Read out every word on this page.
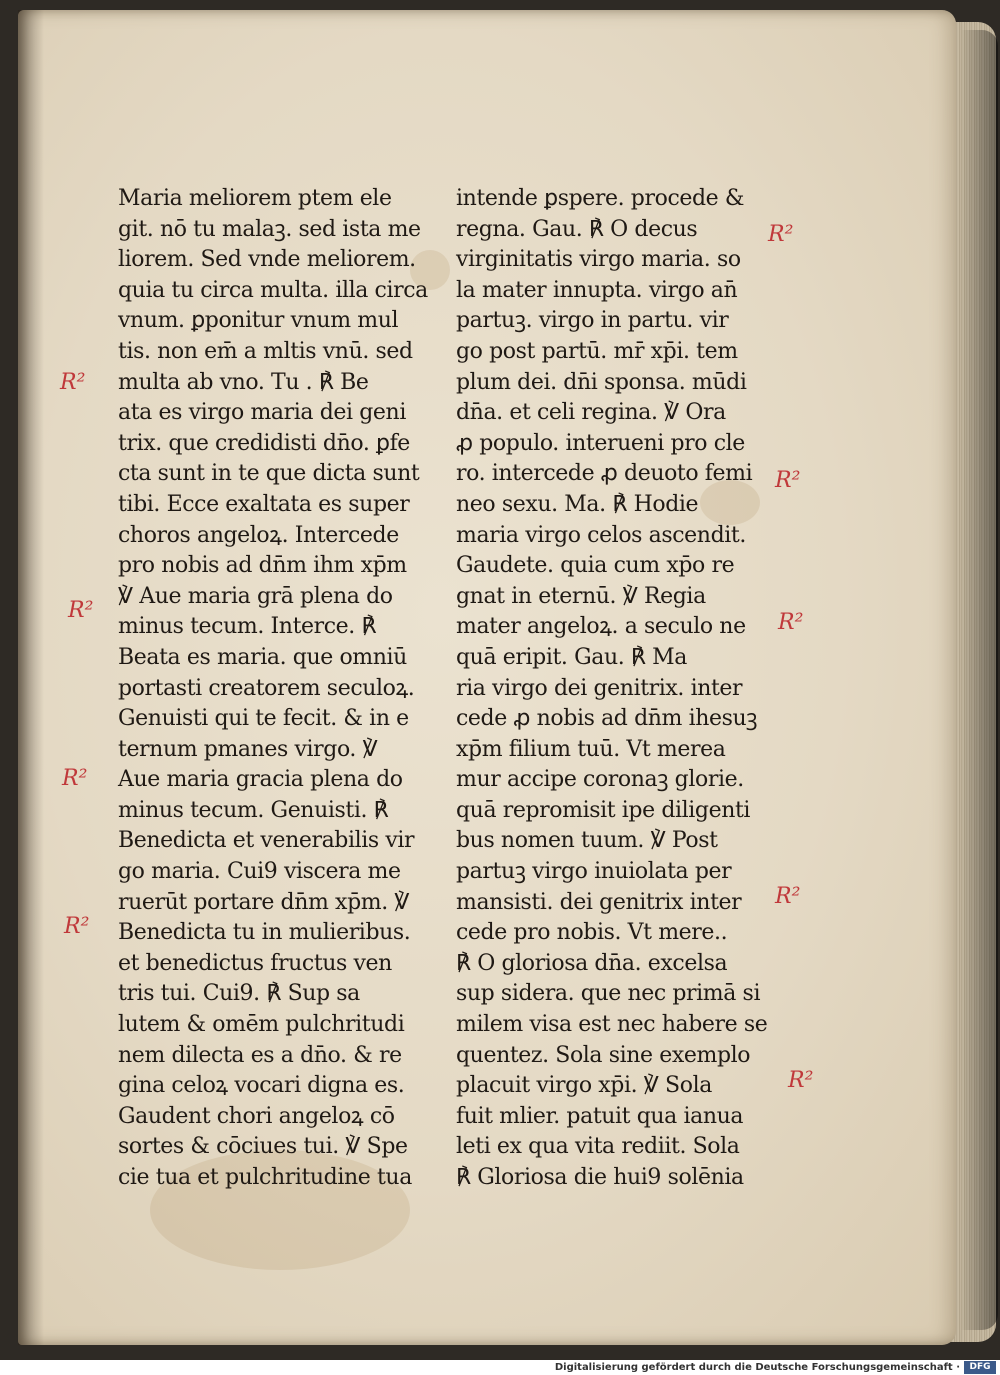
Maria meliorem ptem ele
git. nō tu malaꝫ. sed ista me
liorem. Sed vnde meliorem.
quia tu circa multa. illa circa
vnum. ꝑponitur vnum mul
tis. non em̄ a mltis vnū. sed
multa ab vno. Tu . ℟ Be
ata es virgo maria dei geni
trix. que credidisti dn̄o. ꝑfe
cta sunt in te que dicta sunt
tibi. Ecce exaltata es super
choros angeloꝝ. Intercede
pro nobis ad dn̄m ihm xp̄m
℣ Aue maria grā plena do
minus tecum. Interce. ℟
Beata es maria. que omniū
portasti creatorem seculoꝝ.
Genuisti qui te fecit. & in e
ternum pmanes virgo. ℣
Aue maria gracia plena do
minus tecum. Genuisti. ℟
Benedicta et venerabilis vir
go maria. Cui9 viscera me
ruerūt portare dn̄m xp̄m. ℣
Benedicta tu in mulieribus.
et benedictus fructus ven
tris tui. Cui9. ℟ Sup sa
lutem & omēm pulchritudi
nem dilecta es a dn̄o. & re
gina celoꝝ vocari digna es.
Gaudent chori angeloꝝ cō
sortes & cōciues tui. ℣ Spe
cie tua et pulchritudine tua
intende ꝑspere. procede &
regna. Gau. ℟ O decus
virginitatis virgo maria. so
la mater innupta. virgo an̄
partuꝫ. virgo in partu. vir
go post partū. mr̄ xp̄i. tem
plum dei. dn̄i sponsa. mūdi
dn̄a. et celi regina. ℣ Ora
ꝓ populo. interueni pro cle
ro. intercede ꝓ deuoto femi
neo sexu. Ma. ℟ Hodie
maria virgo celos ascendit.
Gaudete. quia cum xp̄o re
gnat in eternū. ℣ Regia
mater angeloꝝ. a seculo ne
quā eripit. Gau. ℟ Ma
ria virgo dei genitrix. inter
cede ꝓ nobis ad dn̄m ihesuꝫ
xp̄m filium tuū. Vt merea
mur accipe coronaꝫ glorie.
quā repromisit ipe diligenti
bus nomen tuum. ℣ Post
partuꝫ virgo inuiolata per
mansisti. dei genitrix inter
cede pro nobis. Vt mere..
℟ O gloriosa dn̄a. excelsa
sup sidera. que nec primā si
milem visa est nec habere se
quentez. Sola sine exemplo
placuit virgo xp̄i. ℣ Sola
fuit mlier. patuit qua ianua
leti ex qua vita rediit. Sola
℟ Gloriosa die hui9 solēnia
R²
R²
R²
R²
R²
R²
R²
R²
R²
Digitalisierung gefördert durch die Deutsche Forschungsgemeinschaft ·	DFG
